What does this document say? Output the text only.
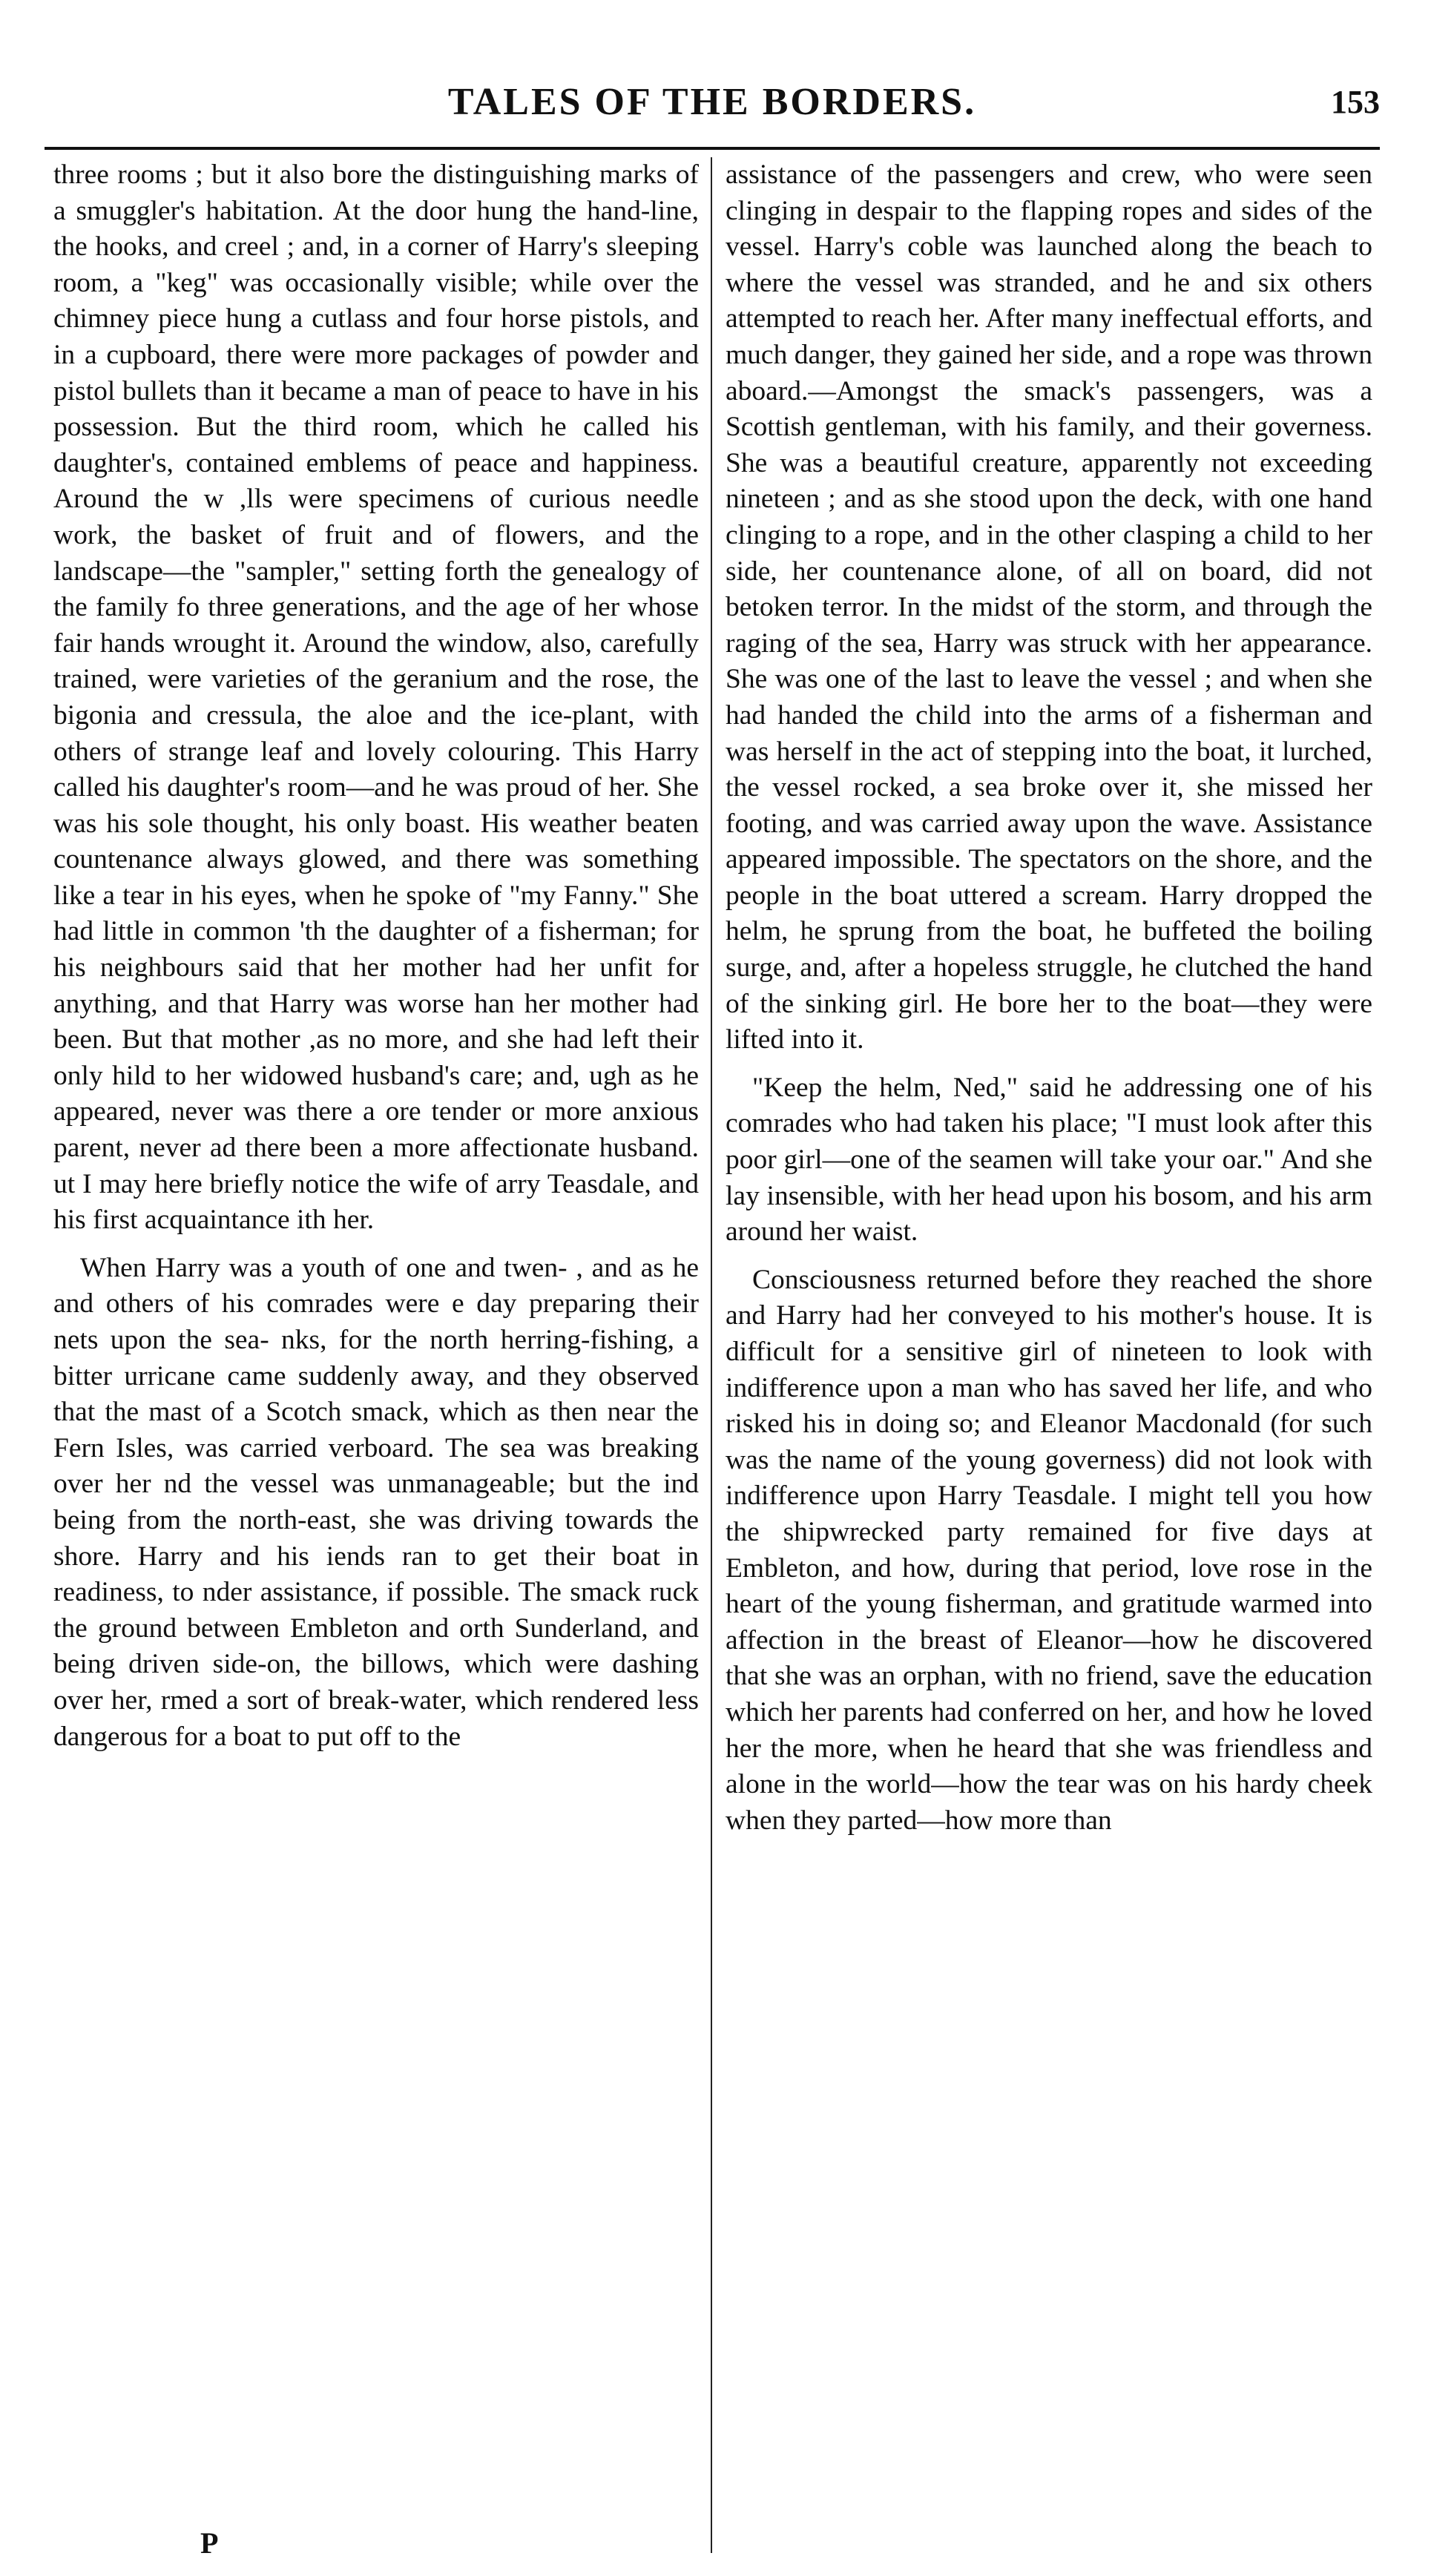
TALES OF THE BORDERS.	153

three rooms ; but it also bore the distinguishing marks of a smuggler's habitation. At the door hung the hand-line, the hooks, and creel ; and, in a corner of Harry's sleeping room, a "keg" was occasionally visible; while over the chimney piece hung a cutlass and four horse pistols, and in a cupboard, there were more packages of powder and pistol bullets than it became a man of peace to have in his possession. But the third room, which he called his daughter's, contained emblems of peace and happiness. Around the w ,lls were specimens of curious needle work, the basket of fruit and of flowers, and the landscape—the "sampler," setting forth the genealogy of the family fo three generations, and the age of her whose fair hands wrought it. Around the window, also, carefully trained, were varieties of the geranium and the rose, the bigonia and cressula, the aloe and the ice-plant, with others of strange leaf and lovely colouring. This Harry called his daughter's room—and he was proud of her. She was his sole thought, his only boast. His weather beaten countenance always glowed, and there was something like a tear in his eyes, when he spoke of "my Fanny." She had little in common 'th the daughter of a fisherman; for his neighbours said that her mother had her unfit for anything, and that Harry was worse han her mother had been. But that mother ,as no more, and she had left their only hild to her widowed husband's care; and, ugh as he appeared, never was there a ore tender or more anxious parent, never ad there been a more affectionate husband. ut I may here briefly notice the wife of arry Teasdale, and his first acquaintance ith her.

When Harry was a youth of one and twen- , and as he and others of his comrades were e day preparing their nets upon the sea- nks, for the north herring-fishing, a bitter urricane came suddenly away, and they observed that the mast of a Scotch smack, which as then near the Fern Isles, was carried verboard. The sea was breaking over her nd the vessel was unmanageable; but the ind being from the north-east, she was driving towards the shore. Harry and his iends ran to get their boat in readiness, to nder assistance, if possible. The smack ruck the ground between Embleton and orth Sunderland, and being driven side-on, the billows, which were dashing over her, rmed a sort of break-water, which rendered less dangerous for a boat to put off to the

assistance of the passengers and crew, who were seen clinging in despair to the flapping ropes and sides of the vessel. Harry's coble was launched along the beach to where the vessel was stranded, and he and six others attempted to reach her. After many ineffectual efforts, and much danger, they gained her side, and a rope was thrown aboard.—Amongst the smack's passengers, was a Scottish gentleman, with his family, and their governess. She was a beautiful creature, apparently not exceeding nineteen ; and as she stood upon the deck, with one hand clinging to a rope, and in the other clasping a child to her side, her countenance alone, of all on board, did not betoken terror. In the midst of the storm, and through the raging of the sea, Harry was struck with her appearance. She was one of the last to leave the vessel ; and when she had handed the child into the arms of a fisherman and was herself in the act of stepping into the boat, it lurched, the vessel rocked, a sea broke over it, she missed her footing, and was carried away upon the wave. Assistance appeared impossible. The spectators on the shore, and the people in the boat uttered a scream. Harry dropped the helm, he sprung from the boat, he buffeted the boiling surge, and, after a hopeless struggle, he clutched the hand of the sinking girl. He bore her to the boat—they were lifted into it.

"Keep the helm, Ned," said he addressing one of his comrades who had taken his place; "I must look after this poor girl—one of the seamen will take your oar." And she lay insensible, with her head upon his bosom, and his arm around her waist.

Consciousness returned before they reached the shore and Harry had her conveyed to his mother's house. It is difficult for a sensitive girl of nineteen to look with indifference upon a man who has saved her life, and who risked his in doing so; and Eleanor Macdonald (for such was the name of the young governess) did not look with indifference upon Harry Teasdale. I might tell you how the shipwrecked party remained for five days at Embleton, and how, during that period, love rose in the heart of the young fisherman, and gratitude warmed into affection in the breast of Eleanor—how he discovered that she was an orphan, with no friend, save the education which her parents had conferred on her, and how he loved her the more, when he heard that she was friendless and alone in the world—how the tear was on his hardy cheek when they parted—how more than

P
